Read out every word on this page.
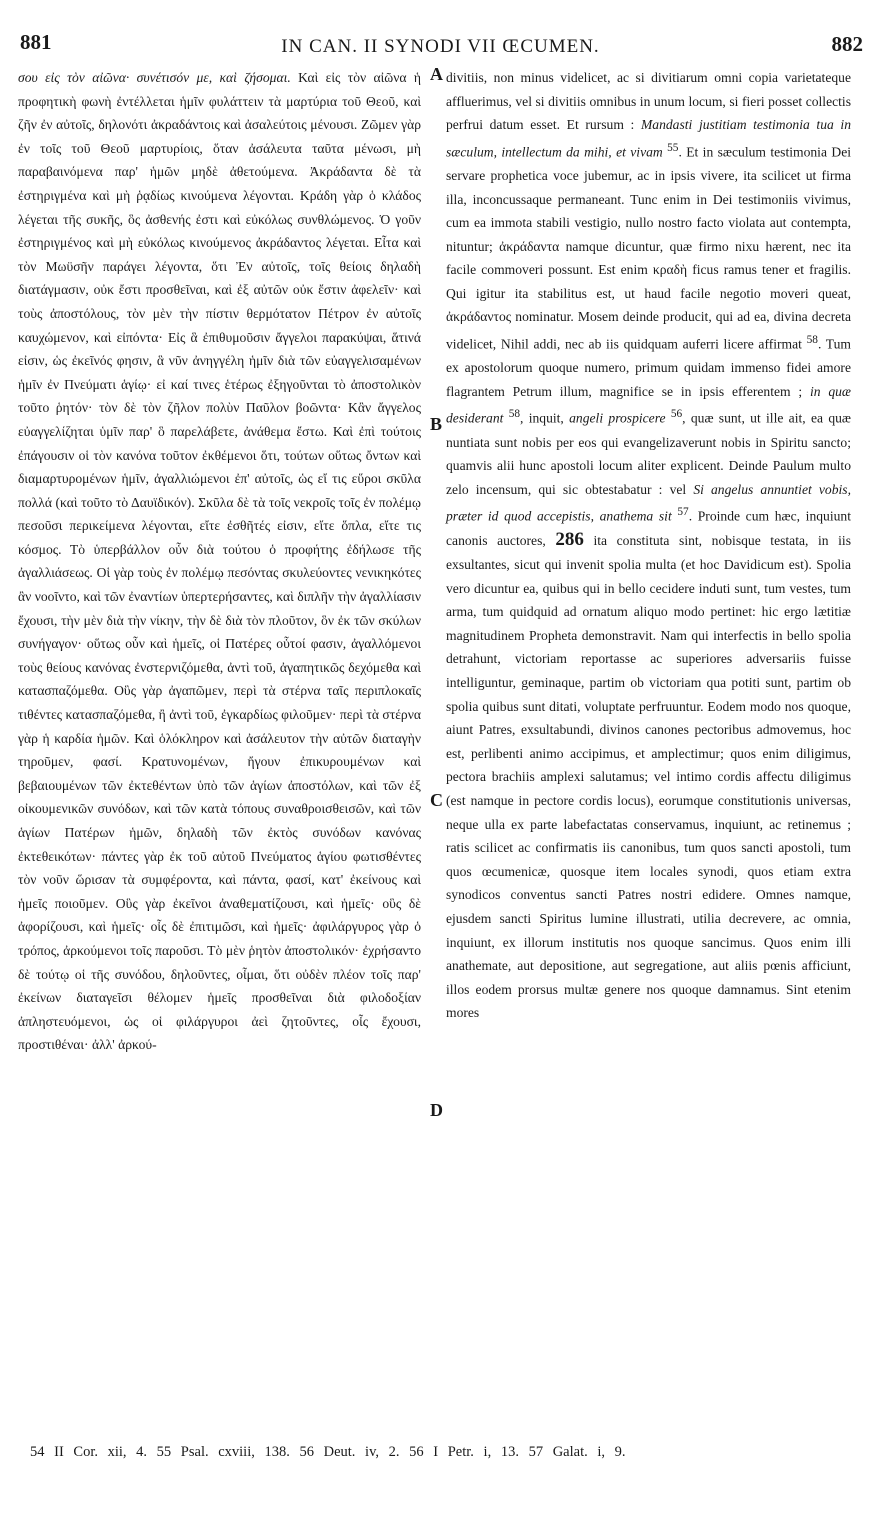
881	IN CAN. II SYNODI VII ŒCUMEN.	882

σου εἰς τὸν αἰῶνα· συνέτισόν με, καὶ ζήσομαι. Καὶ εἰς τὸν αἰῶνα ἡ προφητικὴ φωνὴ ἐντέλλεται ἡμῖν φυλάττειν τὰ μαρτύρια τοῦ Θεοῦ, καὶ ζῆν ἐν αὐτοῖς, δηλονότι ἀκραδάντοις καὶ ἀσαλεύτοις μένουσι. Ζῶμεν γὰρ ἐν τοῖς τοῦ Θεοῦ μαρτυρίοις, ὅταν ἀσάλευτα ταῦτα μένωσι, μὴ παραβαινόμενα παρ' ἡμῶν μηδὲ ἀθετούμενα. Ἀκράδαντα δὲ τὰ ἐστηριγμένα καὶ μὴ ῥᾳδίως κινούμενα λέγονται. Κράδη γὰρ ὁ κλάδος λέγεται τῆς συκῆς, ὃς ἀσθενής ἐστι καὶ εὐκόλως συνθλώμενος. Ὁ γοῦν ἐστηριγμένος καὶ μὴ εὐκόλως κινούμενος ἀκράδαντος λέγεται. Εἶτα καὶ τὸν Μωϋσῆν παράγει λέγοντα, ὅτι Ἐν αὐτοῖς, τοῖς θείοις δηλαδὴ διατάγμασιν, οὐκ ἔστι προσθεῖναι, καὶ ἐξ αὐτῶν οὐκ ἔστιν ἀφελεῖν· καὶ τοὺς ἀποστόλους, τὸν μὲν τὴν πίστιν θερμότατον Πέτρον ἐν αὐτοῖς καυχώμενον, καὶ εἰπόντα· Εἰς ἃ ἐπιθυμοῦσιν ἄγγελοι παρακύψαι, ἅτινά εἰσιν, ὡς ἐκεῖνός φησιν, ἃ νῦν ἀνηγγέλη ἡμῖν διὰ τῶν εὐαγγελισαμένων ἡμῖν ἐν Πνεύματι ἁγίῳ· εἰ καί τινες ἑτέρως ἐξηγοῦνται τὸ ἀποστολικὸν τοῦτο ῥητόν· τὸν δὲ τὸν ζῆλον πολὺν Παῦλον βοῶντα· Κἂν ἄγγελος εὐαγγελίζηται ὑμῖν παρ' ὃ παρελάβετε, ἀνάθεμα ἔστω. Καὶ ἐπὶ τούτοις ἐπάγουσιν οἱ τὸν κανόνα τοῦτον ἐκθέμενοι ὅτι, τούτων οὕτως ὄντων καὶ διαμαρτυρομένων ἡμῖν, ἀγαλλιώμενοι ἐπ' αὐτοῖς, ὡς εἴ τις εὕροι σκῦλα πολλά (καὶ τοῦτο τὸ Δαυϊδικόν). Σκῦλα δὲ τὰ τοῖς νεκροῖς τοῖς ἐν πολέμῳ πεσοῦσι περικείμενα λέγονται, εἴτε ἐσθῆτές εἰσιν, εἴτε ὅπλα, εἴτε τις κόσμος. Τὸ ὑπερβάλλον οὖν διὰ τούτου ὁ προφήτης ἐδήλωσε τῆς ἀγαλλιάσεως. Οἱ γὰρ τοὺς ἐν πολέμῳ πεσόντας σκυλεύοντες νενικηκότες ἂν νοοῖντο, καὶ τῶν ἐναντίων ὑπερτερήσαντες, καὶ διπλῆν τὴν ἀγαλλίασιν ἔχουσι, τὴν μὲν διὰ τὴν νίκην, τὴν δὲ διὰ τὸν πλοῦτον, ὃν ἐκ τῶν σκύλων συνήγαγον· οὕτως οὖν καὶ ἡμεῖς, οἱ Πατέρες οὗτοί φασιν, ἀγαλλόμενοι τοὺς θείους κανόνας ἐνστερνιζόμεθα, ἀντὶ τοῦ, ἀγαπητικῶς δεχόμεθα καὶ κατασπαζόμεθα. Οὓς γὰρ ἀγαπῶμεν, περὶ τὰ στέρνα ταῖς περιπλοκαῖς τιθέντες κατασπαζόμεθα, ἢ ἀντὶ τοῦ, ἐγκαρδίως φιλοῦμεν· περὶ τὰ στέρνα γὰρ ἡ καρδία ἡμῶν. Καὶ ὁλόκληρον καὶ ἀσάλευτον τὴν αὐτῶν διαταγὴν τηροῦμεν, φασί. Κρατυνομένων, ἤγουν ἐπικυρουμένων καὶ βεβαιουμένων τῶν ἐκτεθέντων ὑπὸ τῶν ἁγίων ἀποστόλων, καὶ τῶν ἐξ οἰκουμενικῶν συνόδων, καὶ τῶν κατὰ τόπους συναθροισθεισῶν, καὶ τῶν ἁγίων Πατέρων ἡμῶν, δηλαδὴ τῶν ἐκτὸς συνόδων κανόνας ἐκτεθεικότων· πάντες γὰρ ἐκ τοῦ αὐτοῦ Πνεύματος ἁγίου φωτισθέντες τὸν νοῦν ὥρισαν τὰ συμφέροντα, καὶ πάντα, φασί, κατ' ἐκείνους καὶ ἡμεῖς ποιοῦμεν. Οὓς γὰρ ἐκεῖνοι ἀναθεματίζουσι, καὶ ἡμεῖς· οὓς δὲ ἀφορίζουσι, καὶ ἡμεῖς· οἷς δὲ ἐπιτιμῶσι, καὶ ἡμεῖς· ἀφιλάργυρος γὰρ ὁ τρόπος, ἀρκούμενοι τοῖς παροῦσι. Τὸ μὲν ῥητὸν ἀποστολικόν· ἐχρήσαντο δὲ τούτῳ οἱ τῆς συνόδου, δηλοῦντες, οἶμαι, ὅτι οὐδὲν πλέον τοῖς παρ' ἐκείνων διαταγεῖσι θέλομεν ἡμεῖς προσθεῖναι διὰ φιλοδοξίαν ἀπληστευόμενοι, ὡς οἱ φιλάργυροι ἀεὶ ζητοῦντες, οἷς ἔχουσι, προστιθέναι· ἀλλ' ἀρκού-

A
B
C
D

divitiis, non minus videlicet, ac si divitiarum omni copia varietateque affluerimus, vel si divitiis omnibus in unum locum, si fieri posset collectis perfrui datum esset. Et rursum : Mandasti justitiam testimonia tua in sæculum, intellectum da mihi, et vivam $^{55}$. Et in sæculum testimonia Dei servare prophetica voce jubemur, ac in ipsis vivere, ita scilicet ut firma illa, inconcussaque permaneant. Tunc enim in Dei testimoniis vivimus, cum ea immota stabili vestigio, nullo nostro facto violata aut contempta, nituntur; ἀκράδαντα namque dicuntur, quæ firmo nixu hærent, nec ita facile commoveri possunt. Est enim κραδὴ ficus ramus tener et fragilis. Qui igitur ita stabilitus est, ut haud facile negotio moveri queat, ἀκράδαντος nominatur. Mosem deinde producit, qui ad ea, divina decreta videlicet, Nihil addi, nec ab iis quidquam auferri licere affirmat $^{58}$. Tum ex apostolorum quoque numero, primum quidam immenso fidei amore flagrantem Petrum illum, magnifice se in ipsis efferentem ; in quæ desiderant $^{58}$, inquit, angeli prospicere $^{56}$, quæ sunt, ut ille ait, ea quæ nuntiata sunt nobis per eos qui evangelizaverunt nobis in Spiritu sancto; quamvis alii hunc apostoli locum aliter explicent. Deinde Paulum multo zelo incensum, qui sic obtestabatur : vel Si angelus annuntiet vobis, præter id quod accepistis, anathema sit $^{57}$. Proinde cum hæc, inquiunt canonis auctores, 286 ita constituta sint, nobisque testata, in iis exsultantes, sicut qui invenit spolia multa (et hoc Davidicum est). Spolia vero dicuntur ea, quibus qui in bello cecidere induti sunt, tum vestes, tum arma, tum quidquid ad ornatum aliquo modo pertinet: hic ergo lætitiæ magnitudinem Propheta demonstravit. Nam qui interfectis in bello spolia detrahunt, victoriam reportasse ac superiores adversariis fuisse intelliguntur, geminaque, partim ob victoriam qua potiti sunt, partim ob spolia quibus sunt ditati, voluptate perfruuntur. Eodem modo nos quoque, aiunt Patres, exsultabundi, divinos canones pectoribus admovemus, hoc est, perlibenti animo accipimus, et amplectimur; quos enim diligimus, pectora brachiis amplexi salutamus; vel intimo cordis affectu diligimus (est namque in pectore cordis locus), eorumque constitutionis universas, neque ulla ex parte labefactatas conservamus, inquiunt, ac retinemus ; ratis scilicet ac confirmatis iis canonibus, tum quos sancti apostoli, tum quos œcumenicæ, quosque item locales synodi, quos etiam extra synodicos conventus sancti Patres nostri edidere. Omnes namque, ejusdem sancti Spiritus lumine illustrati, utilia decrevere, ac omnia, inquiunt, ex illorum institutis nos quoque sancimus. Quos enim illi anathemate, aut depositione, aut segregatione, aut aliis pœnis afficiunt, illos eodem prorsus multæ genere nos quoque damnamus. Sint etenim mores

54 II Cor. xii, 4. 55 Psal. cxviii, 138. 56 Deut. iv, 2. 56 I Petr. i, 13. 57 Galat. i, 9.
